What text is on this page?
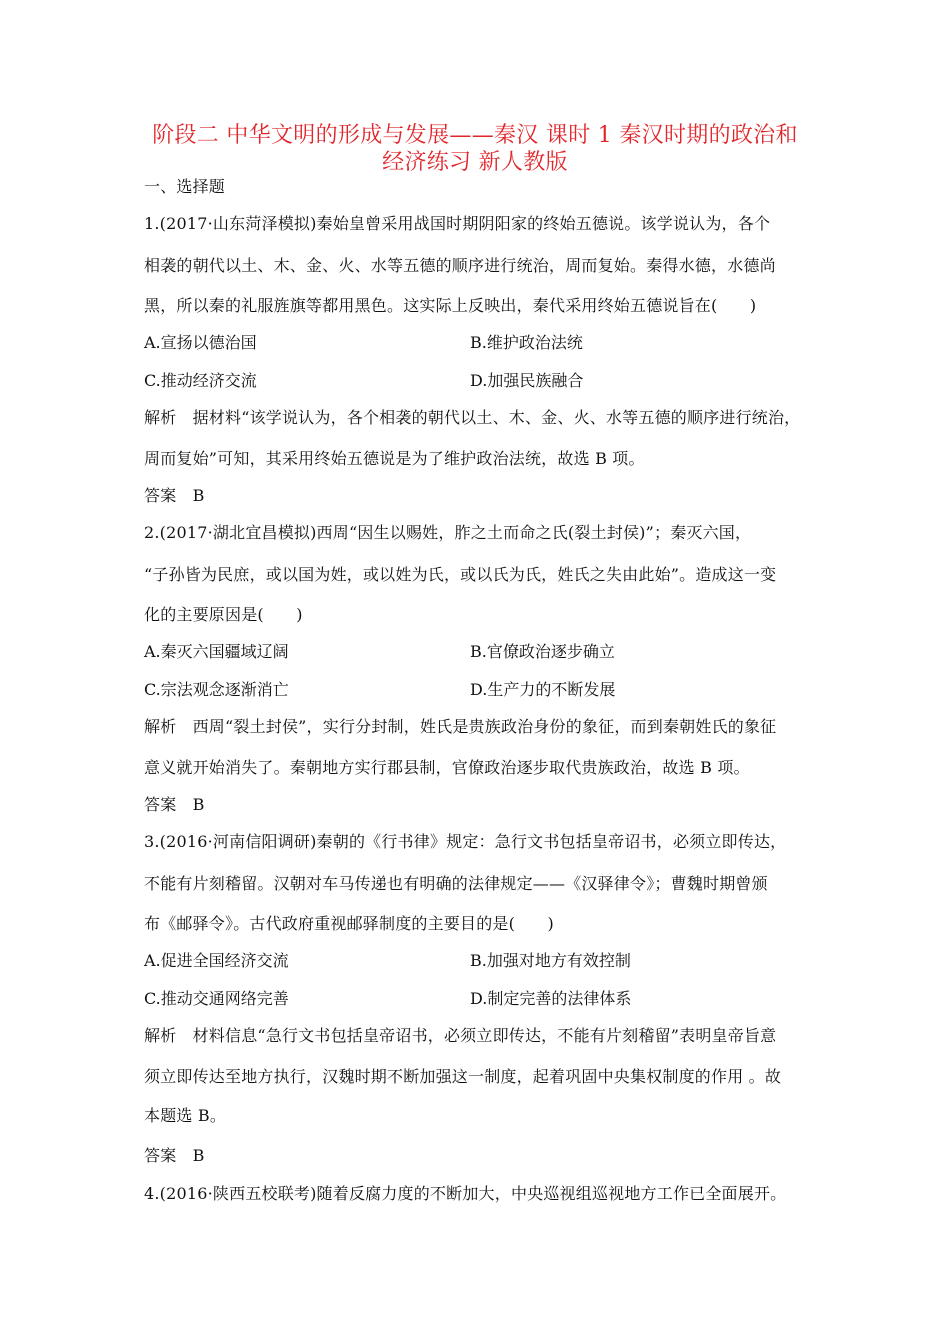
阶段二 中华文明的形成与发展——秦汉 课时 1 秦汉时期的政治和
经济练习 新人教版
一、选择题
1.(2017·山东菏泽模拟)秦始皇曾采用战国时期阴阳家的终始五德说。该学说认为，各个
相袭的朝代以土、木、金、火、水等五德的顺序进行统治，周而复始。秦得水德，水德尚
黑，所以秦的礼服旌旗等都用黑色。这实际上反映出，秦代采用终始五德说旨在(　　)
A.宣扬以德治国	B.维护政治法统
C.推动经济交流	D.加强民族融合
解析　据材料“该学说认为，各个相袭的朝代以土、木、金、火、水等五德的顺序进行统治，
周而复始”可知，其采用终始五德说是为了维护政治法统，故选 B 项。
答案　B
2.(2017·湖北宜昌模拟)西周“因生以赐姓，胙之土而命之氏(裂土封侯)”；秦灭六国，
“子孙皆为民庶，或以国为姓，或以姓为氏，或以氏为氏，姓氏之失由此始”。造成这一变
化的主要原因是(　　)
A.秦灭六国疆域辽阔	B.官僚政治逐步确立
C.宗法观念逐渐消亡	D.生产力的不断发展
解析　西周“裂土封侯”，实行分封制，姓氏是贵族政治身份的象征，而到秦朝姓氏的象征
意义就开始消失了。秦朝地方实行郡县制，官僚政治逐步取代贵族政治，故选 B 项。
答案　B
3.(2016·河南信阳调研)秦朝的《行书律》规定：急行文书包括皇帝诏书，必须立即传达，
不能有片刻稽留。汉朝对车马传递也有明确的法律规定——《汉驿律令》；曹魏时期曾颁
布《邮驿令》。古代政府重视邮驿制度的主要目的是(　　)
A.促进全国经济交流	B.加强对地方有效控制
C.推动交通网络完善	D.制定完善的法律体系
解析　材料信息“急行文书包括皇帝诏书，必须立即传达，不能有片刻稽留”表明皇帝旨意
须立即传达至地方执行，汉魏时期不断加强这一制度，起着巩固中央集权制度的作用 。故
本题选 B。
答案　B
4.(2016·陕西五校联考)随着反腐力度的不断加大，中央巡视组巡视地方工作已全面展开。
